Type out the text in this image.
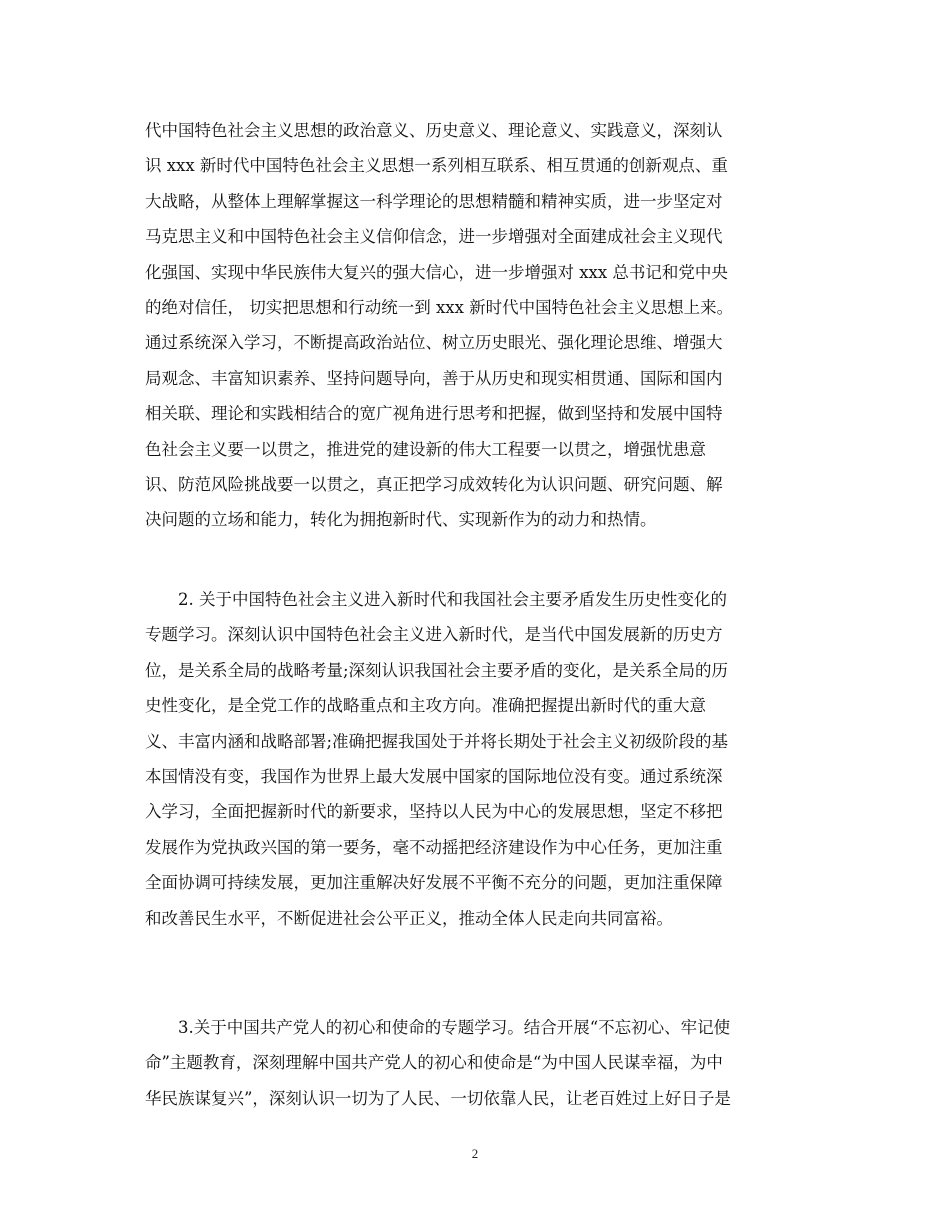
代中国特色社会主义思想的政治意义、历史意义、理论意义、实践意义，深刻认
识 xxx 新时代中国特色社会主义思想一系列相互联系、相互贯通的创新观点、重
大战略，从整体上理解掌握这一科学理论的思想精髓和精神实质，进一步坚定对
马克思主义和中国特色社会主义信仰信念，进一步增强对全面建成社会主义现代
化强国、实现中华民族伟大复兴的强大信心，进一步增强对 xxx 总书记和党中央
的绝对信任， 切实把思想和行动统一到 xxx 新时代中国特色社会主义思想上来。
通过系统深入学习，不断提高政治站位、树立历史眼光、强化理论思维、增强大
局观念、丰富知识素养、坚持问题导向，善于从历史和现实相贯通、国际和国内
相关联、理论和实践相结合的宽广视角进行思考和把握，做到坚持和发展中国特
色社会主义要一以贯之，推进党的建设新的伟大工程要一以贯之，增强忧患意
识、防范风险挑战要一以贯之，真正把学习成效转化为认识问题、研究问题、解
决问题的立场和能力，转化为拥抱新时代、实现新作为的动力和热情。
　　2. 关于中国特色社会主义进入新时代和我国社会主要矛盾发生历史性变化的
专题学习。深刻认识中国特色社会主义进入新时代，是当代中国发展新的历史方
位，是关系全局的战略考量;深刻认识我国社会主要矛盾的变化，是关系全局的历
史性变化，是全党工作的战略重点和主攻方向。准确把握提出新时代的重大意
义、丰富内涵和战略部署;准确把握我国处于并将长期处于社会主义初级阶段的基
本国情没有变，我国作为世界上最大发展中国家的国际地位没有变。通过系统深
入学习，全面把握新时代的新要求，坚持以人民为中心的发展思想，坚定不移把
发展作为党执政兴国的第一要务，毫不动摇把经济建设作为中心任务，更加注重
全面协调可持续发展，更加注重解决好发展不平衡不充分的问题，更加注重保障
和改善民生水平，不断促进社会公平正义，推动全体人民走向共同富裕。
　　3.关于中国共产党人的初心和使命的专题学习。结合开展“不忘初心、牢记使
命”主题教育，深刻理解中国共产党人的初心和使命是“为中国人民谋幸福，为中
华民族谋复兴”，深刻认识一切为了人民、一切依靠人民，让老百姓过上好日子是
2
